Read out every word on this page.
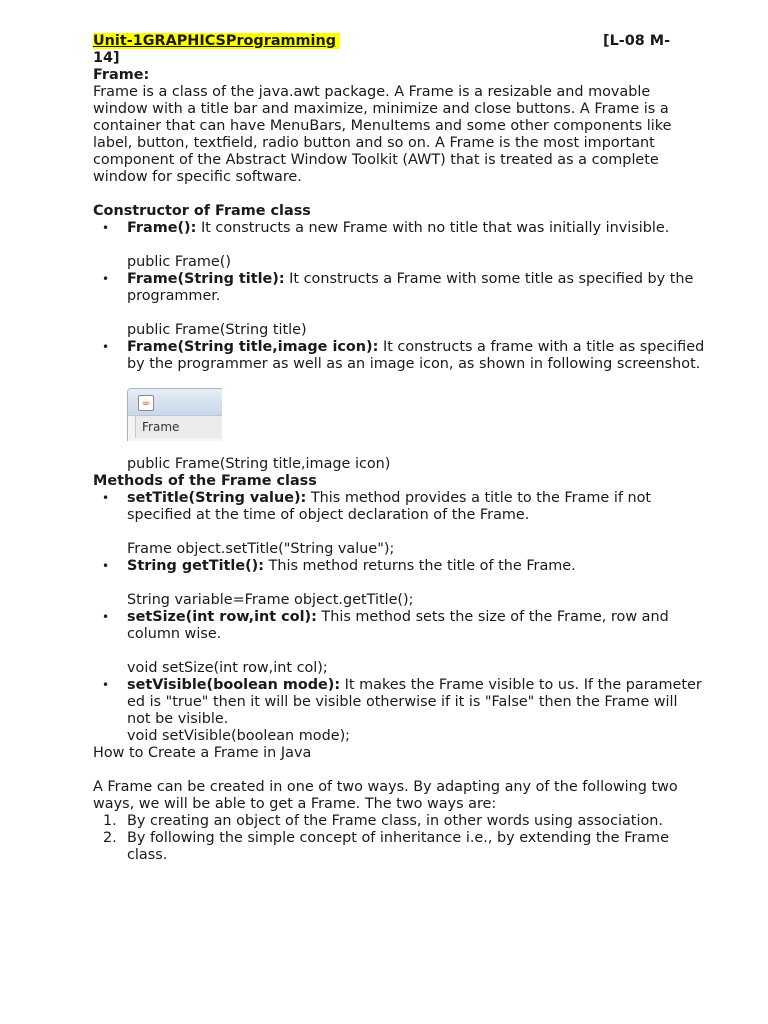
Unit-1GRAPHICSProgramming	[L-08 M-

14]

Frame:

Frame is a class of the java.awt package. A Frame is a resizable and movable window with a title bar and maximize, minimize and close buttons. A Frame is a container that can have MenuBars, MenuItems and some other components like label, button, textfield, radio button and so on. A Frame is the most important component of the Abstract Window Toolkit (AWT) that is treated as a complete window for specific software.

Constructor of Frame class

• Frame(): It constructs a new Frame with no title that was initially invisible.
public Frame()
• Frame(String title): It constructs a Frame with some title as specified by the programmer.
public Frame(String title)
• Frame(String title,image icon): It constructs a frame with a title as specified by the programmer as well as an image icon, as shown in following screenshot.
☕
Frame
public Frame(String title,image icon)

Methods of the Frame class

• setTitle(String value): This method provides a title to the Frame if not specified at the time of object declaration of the Frame.
Frame object.setTitle("String value");
• String getTitle(): This method returns the title of the Frame.
String variable=Frame object.getTitle();
• setSize(int row,int col): This method sets the size of the Frame, row and column wise.
void setSize(int row,int col);
• setVisible(boolean mode): It makes the Frame visible to us. If the parameter ed is "true" then it will be visible otherwise if it is "False" then the Frame will not be visible.
void setVisible(boolean mode);

How to Create a Frame in Java

A Frame can be created in one of two ways. By adapting any of the following two ways, we will be able to get a Frame. The two ways are:

1. By creating an object of the Frame class, in other words using association.
2. By following the simple concept of inheritance i.e., by extending the Frame class.
